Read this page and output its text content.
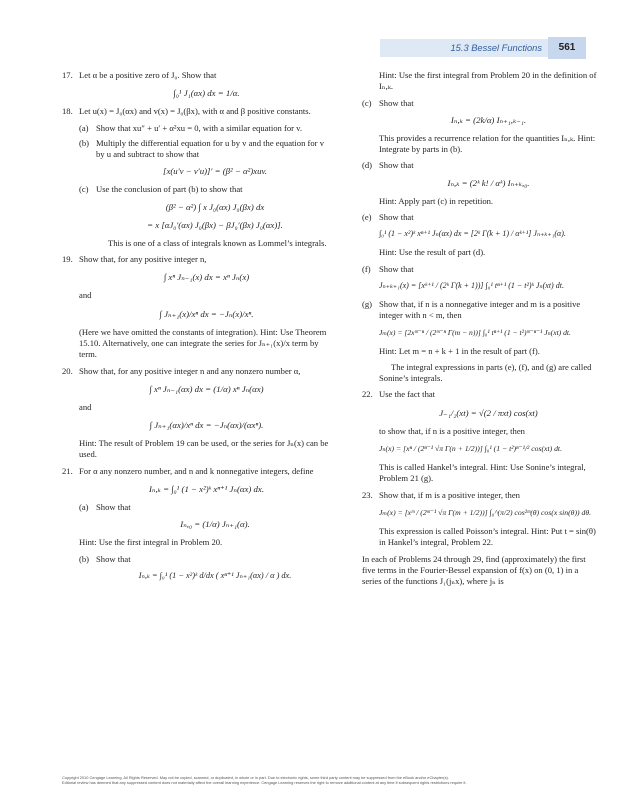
15.3 Bessel Functions	561
17. Let α be a positive zero of J₀. Show that
∫₀¹ J₁(αx) dx = 1/α.
18. Let u(x) = J₀(αx) and v(x) = J₀(βx), with α and β positive constants.
(a) Show that xu″ + u′ + α²xu = 0, with a similar equation for v.
(b) Multiply the differential equation for u by v and the equation for v by u and subtract to show that
[x(u′v − v′u)]′ = (β² − α²)xuv.
(c) Use the conclusion of part (b) to show that
(β² − α²) ∫ x J₀(αx) J₀(βx) dx
= x [αJ₀′(αx) J₀(βx) − βJ₀′(βx) J₀(αx)].
This is one of a class of integrals known as Lommel’s integrals.
19. Show that, for any positive integer n,
∫ xⁿ Jₙ₋₁(x) dx = xⁿ Jₙ(x)
and
∫ Jₙ₊₁(x)/xⁿ dx = −Jₙ(x)/xⁿ.
(Here we have omitted the constants of integration). Hint: Use Theorem 15.10. Alternatively, one can integrate the series for Jₙ₊₁(x)/x term by term.
20. Show that, for any positive integer n and any nonzero number α,
∫ xⁿ Jₙ₋₁(αx) dx = (1/α) xⁿ Jₙ(αx)
and
∫ Jₙ₊₁(αx)/xⁿ dx = −Jₙ(αx)/(αxⁿ).
Hint: The result of Problem 19 can be used, or the series for Jₙ(x) can be used.
21. For α any nonzero number, and n and k nonnegative integers, define
Iₙ,ₖ = ∫₀¹ (1 − x²)ᵏ xⁿ⁺¹ Jₙ(αx) dx.
(a) Show that
Iₙ,₀ = (1/α) Jₙ₊₁(α).
Hint: Use the first integral in Problem 20.
(b) Show that
Iₙ,ₖ = ∫₀¹ (1 − x²)ᵏ d/dx ( xⁿ⁺¹ Jₙ₊₁(αx) / α ) dx.
Hint: Use the first integral from Problem 20 in the definition of Iₙ,ₖ.
(c) Show that
Iₙ,ₖ = (2k/α) Iₙ₊₁,ₖ₋₁.
This provides a recurrence relation for the quantities Iₙ,ₖ. Hint: Integrate by parts in (b).
(d) Show that
Iₙ,ₖ = (2ᵏ k! / αᵏ) Iₙ₊ₖ,₀.
Hint: Apply part (c) in repetition.
(e) Show that
∫₀¹ (1 − x²)ᵏ xⁿ⁺¹ Jₙ(αx) dx = [2ᵏ Γ(k + 1) / αᵏ⁺¹] Jₙ₊ₖ₊₁(α).
Hint: Use the result of part (d).
(f) Show that
Jₙ₊ₖ₊₁(x) = [xᵏ⁺¹ / (2ᵏ Γ(k + 1))] ∫₀¹ tⁿ⁺¹ (1 − t²)ᵏ Jₙ(xt) dt.
(g) Show that, if n is a nonnegative integer and m is a positive integer with n < m, then
Jₘ(x) = [2xᵐ⁻ⁿ / (2ᵐ⁻ⁿ Γ(m − n))] ∫₀¹ tⁿ⁺¹ (1 − t²)ᵐ⁻ⁿ⁻¹ Jₙ(xt) dt.
Hint: Let m = n + k + 1 in the result of part (f).
The integral expressions in parts (e), (f), and (g) are called Sonine’s integrals.
22. Use the fact that
J₋₁/₂(xt) = √(2 / πxt) cos(xt)
to show that, if n is a positive integer, then
Jₙ(x) = [xⁿ / (2ⁿ⁻¹ √π Γ(n + 1/2))] ∫₀¹ (1 − t²)ⁿ⁻¹/² cos(xt) dt.
This is called Hankel’s integral. Hint: Use Sonine’s integral, Problem 21 (g).
23. Show that, if m is a positive integer, then
Jₘ(x) = [xᵐ / (2ᵐ⁻¹ √π Γ(m + 1/2))] ∫₀^(π/2) cos²ᵐ(θ) cos(x sin(θ)) dθ.
This expression is called Poisson’s integral. Hint: Put t = sin(θ) in Hankel’s integral, Problem 22.
In each of Problems 24 through 29, find (approximately) the first five terms in the Fourier-Bessel expansion of f(x) on (0, 1) in a series of the functions J₁(jₙx), where jₙ is
Copyright 2010 Cengage Learning. All Rights Reserved. May not be copied, scanned, or duplicated, in whole or in part. Due to electronic rights, some third party content may be suppressed from the eBook and/or eChapter(s).
Editorial review has deemed that any suppressed content does not materially affect the overall learning experience. Cengage Learning reserves the right to remove additional content at any time if subsequent rights restrictions require it.
